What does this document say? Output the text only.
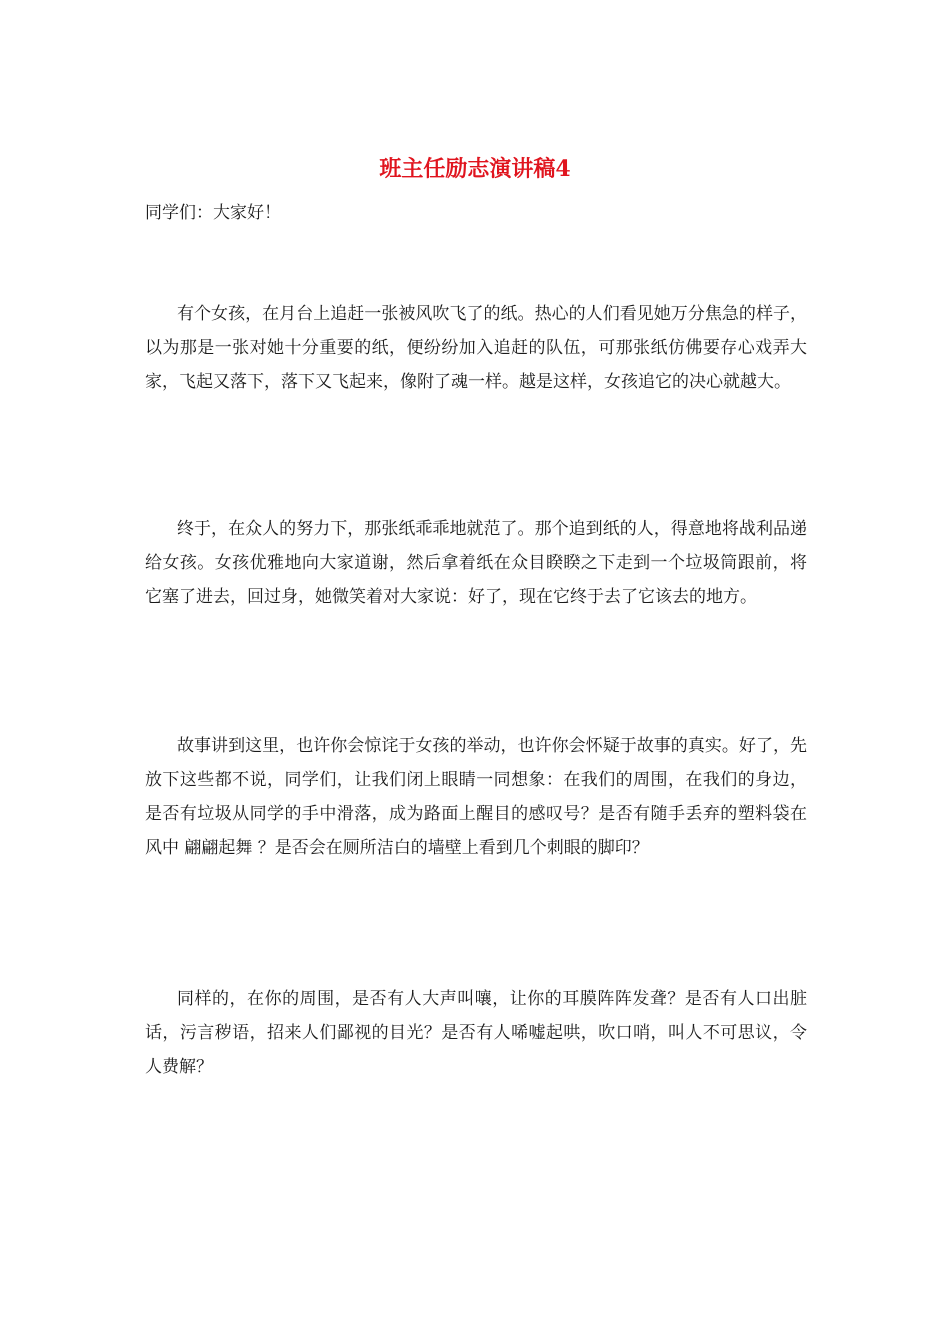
班主任励志演讲稿4

同学们：大家好！

有个女孩，在月台上追赶一张被风吹飞了的纸。热心的人们看见她万分焦急的样子，以为那是一张对她十分重要的纸，便纷纷加入追赶的队伍，可那张纸仿佛要存心戏弄大家，飞起又落下，落下又飞起来，像附了魂一样。越是这样，女孩追它的决心就越大。

终于，在众人的努力下，那张纸乖乖地就范了。那个追到纸的人，得意地将战利品递给女孩。女孩优雅地向大家道谢，然后拿着纸在众目睽睽之下走到一个垃圾筒跟前，将它塞了进去，回过身，她微笑着对大家说：好了，现在它终于去了它该去的地方。

故事讲到这里，也许你会惊诧于女孩的举动，也许你会怀疑于故事的真实。好了，先放下这些都不说，同学们，让我们闭上眼睛一同想象：在我们的周围，在我们的身边，是否有垃圾从同学的手中滑落，成为路面上醒目的感叹号？是否有随手丢弃的塑料袋在风中 翩翩起舞 ？是否会在厕所洁白的墙壁上看到几个刺眼的脚印？

同样的，在你的周围，是否有人大声叫嚷，让你的耳膜阵阵发聋？是否有人口出脏话，污言秽语，招来人们鄙视的目光？是否有人唏嘘起哄，吹口哨，叫人不可思议，令人费解？
